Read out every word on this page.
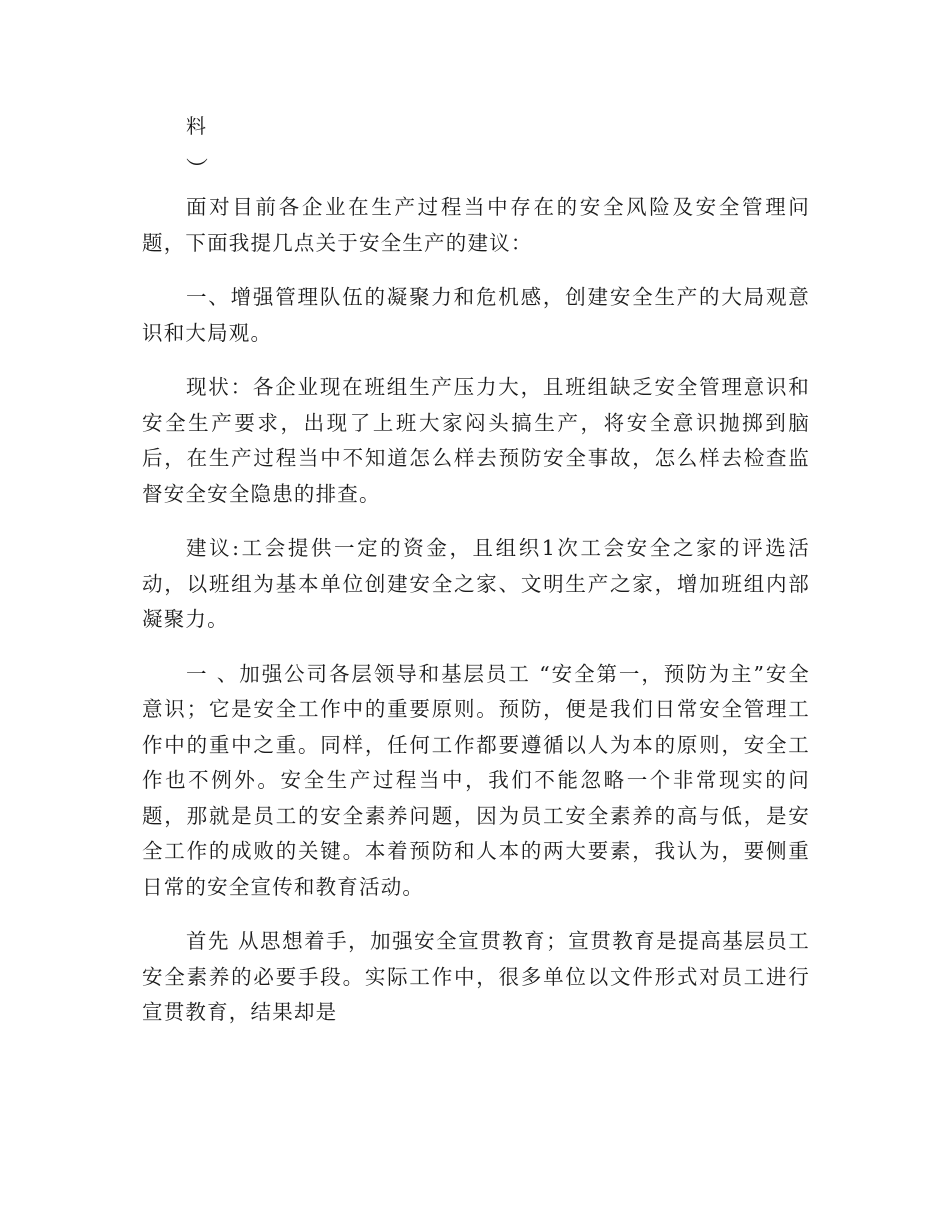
料
︶

面对目前各企业在生产过程当中存在的安全风险及安全管理问题，下面我提几点关于安全生产的建议：

一、增强管理队伍的凝聚力和危机感，创建安全生产的大局观意识和大局观。

现状：各企业现在班组生产压力大，且班组缺乏安全管理意识和安全生产要求，出现了上班大家闷头搞生产，将安全意识抛掷到脑后，在生产过程当中不知道怎么样去预防安全事故，怎么样去检查监督安全安全隐患的排查。

建议:工会提供一定的资金，且组织1次工会安全之家的评选活动，以班组为基本单位创建安全之家、文明生产之家，增加班组内部凝聚力。

一 、加强公司各层领导和基层员工 “安全第一，预防为主”安全意识；它是安全工作中的重要原则。预防，便是我们日常安全管理工作中的重中之重。同样，任何工作都要遵循以人为本的原则，安全工作也不例外。安全生产过程当中，我们不能忽略一个非常现实的问题，那就是员工的安全素养问题，因为员工安全素养的高与低，是安全工作的成败的关键。本着预防和人本的两大要素，我认为，要侧重日常的安全宣传和教育活动。

首先 从思想着手，加强安全宣贯教育；宣贯教育是提高基层员工安全素养的必要手段。实际工作中，很多单位以文件形式对员工进行宣贯教育，结果却是
